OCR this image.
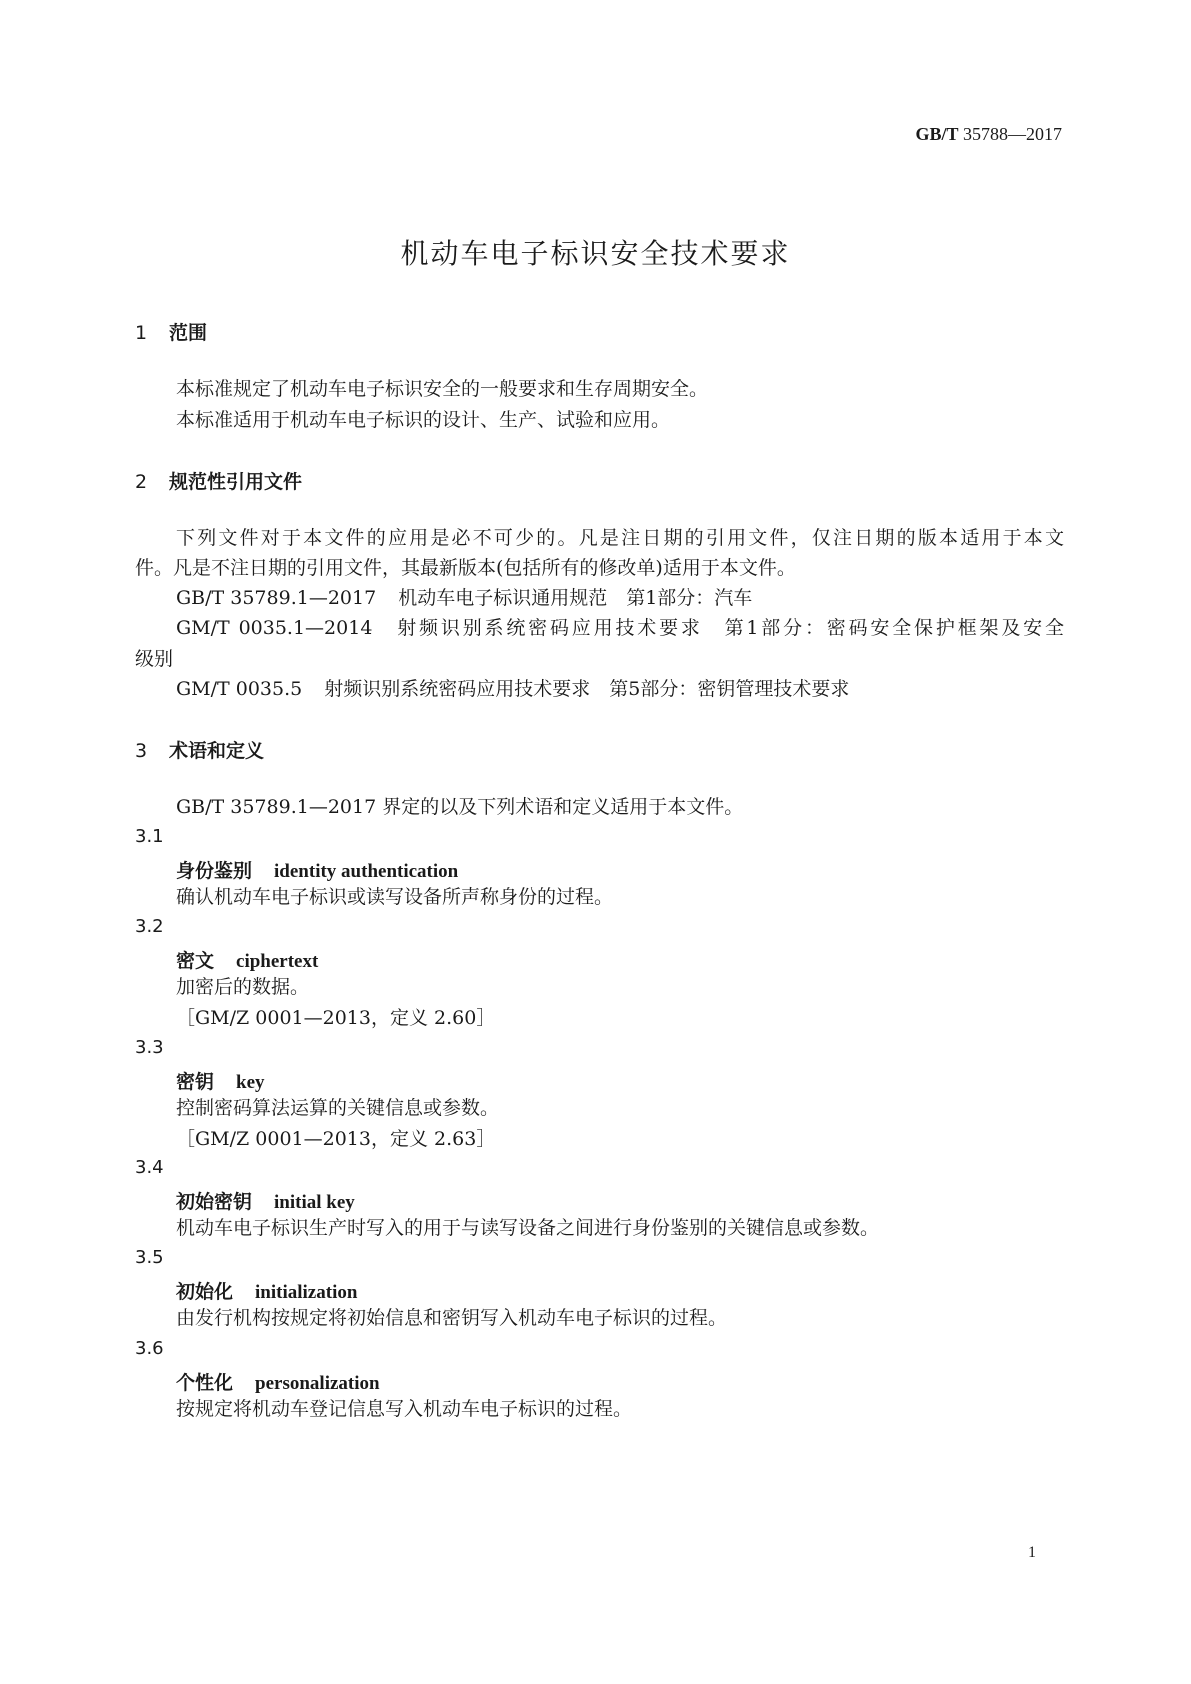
GB/T 35788—2017
机动车电子标识安全技术要求
1 范围
本标准规定了机动车电子标识安全的一般要求和生存周期安全。
本标准适用于机动车电子标识的设计、生产、试验和应用。
2 规范性引用文件
下列文件对于本文件的应用是必不可少的。凡是注日期的引用文件，仅注日期的版本适用于本文
件。凡是不注日期的引用文件，其最新版本(包括所有的修改单)适用于本文件。
GB/T 35789.1—2017 机动车电子标识通用规范　第1部分：汽车
GM/T 0035.1—2014 射频识别系统密码应用技术要求　第1部分：密码安全保护框架及安全
级别
GM/T 0035.5 射频识别系统密码应用技术要求　第5部分：密钥管理技术要求
3 术语和定义
GB/T 35789.1—2017 界定的以及下列术语和定义适用于本文件。
3.1
身份鉴别 identity authentication
确认机动车电子标识或读写设备所声称身份的过程。
3.2
密文 ciphertext
加密后的数据。
［GM/Z 0001—2013，定义 2.60］
3.3
密钥 key
控制密码算法运算的关键信息或参数。
［GM/Z 0001—2013，定义 2.63］
3.4
初始密钥 initial key
机动车电子标识生产时写入的用于与读写设备之间进行身份鉴别的关键信息或参数。
3.5
初始化 initialization
由发行机构按规定将初始信息和密钥写入机动车电子标识的过程。
3.6
个性化 personalization
按规定将机动车登记信息写入机动车电子标识的过程。
1
